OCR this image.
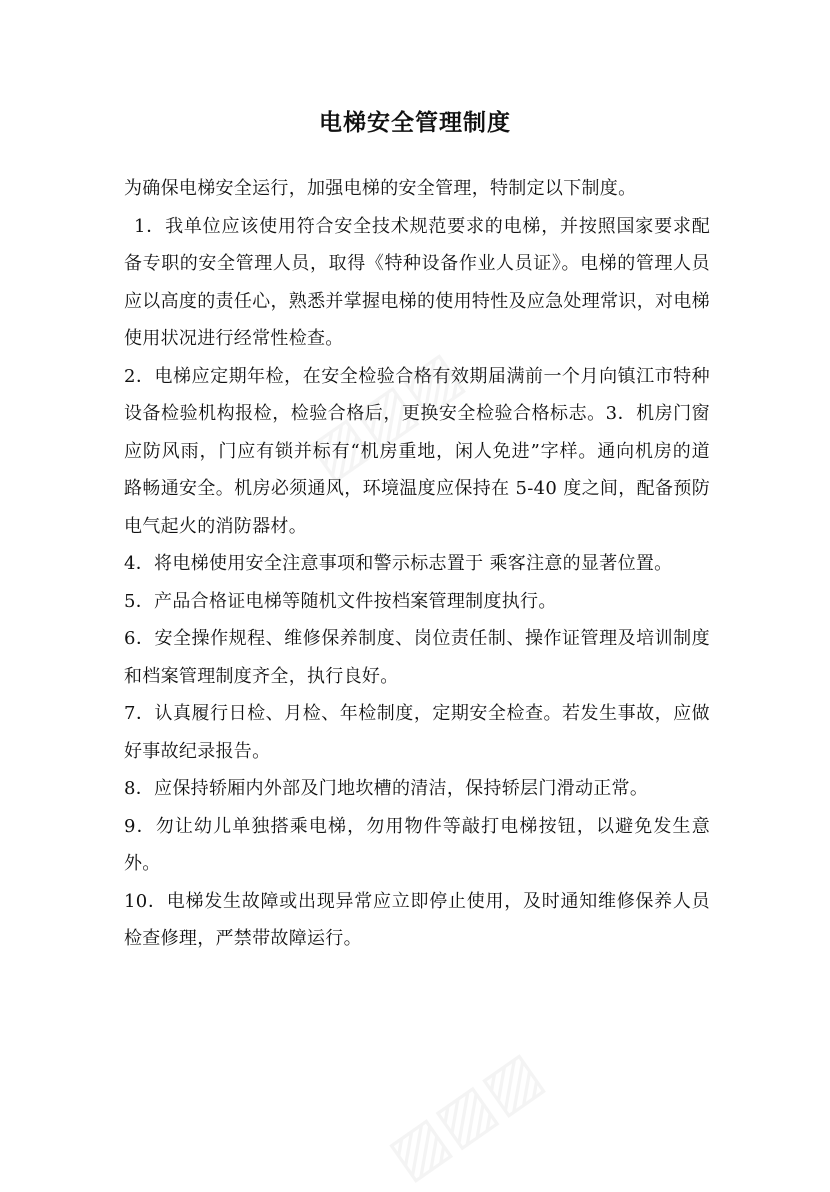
电梯安全管理制度

为确保电梯安全运行，加强电梯的安全管理，特制定以下制度。

1．我单位应该使用符合安全技术规范要求的电梯，并按照国家要求配备专职的安全管理人员，取得《特种设备作业人员证》。电梯的管理人员应以高度的责任心，熟悉并掌握电梯的使用特性及应急处理常识，对电梯使用状况进行经常性检查。

2．电梯应定期年检，在安全检验合格有效期届满前一个月向镇江市特种设备检验机构报检，检验合格后，更换安全检验合格标志。3．机房门窗应防风雨，门应有锁并标有“机房重地，闲人免进”字样。通向机房的道路畅通安全。机房必须通风，环境温度应保持在 5-40 度之间，配备预防电气起火的消防器材。

4．将电梯使用安全注意事项和警示标志置于 乘客注意的显著位置。

5．产品合格证电梯等随机文件按档案管理制度执行。

6．安全操作规程、维修保养制度、岗位责任制、操作证管理及培训制度和档案管理制度齐全，执行良好。

7．认真履行日检、月检、年检制度，定期安全检查。若发生事故，应做好事故纪录报告。

8．应保持轿厢内外部及门地坎槽的清洁，保持轿层门滑动正常。

9．勿让幼儿单独搭乘电梯，勿用物件等敲打电梯按钮，以避免发生意外。

10．电梯发生故障或出现异常应立即停止使用，及时通知维修保养人员检查修理，严禁带故障运行。
